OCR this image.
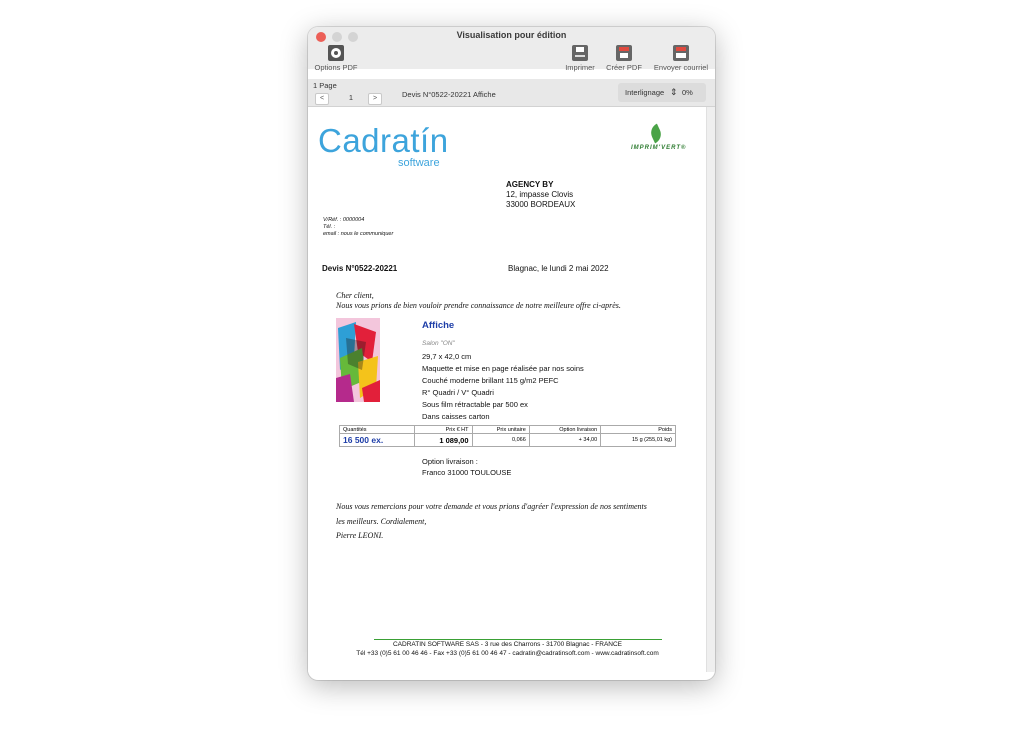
Visualisation pour édition
Options PDF	Imprimer	Créer PDF	Envoyer courriel
1 Page
<	1	>	Devis N°0522-20221 Affiche	Interlignage ⇕ 0%
Cadratín
software
IMPRIM'VERT®
AGENCY BY
12, impasse Clovis
33000 BORDEAUX
V/Réf. : 0000004
Tél. :
email : nous le communiquer
Devis N°0522-20221	Blagnac, le lundi 2 mai 2022
Cher client,
Nous vous prions de bien vouloir prendre connaissance de notre meilleure offre ci-après.
Affiche
Salon "ON"
29,7 x 42,0 cm
Maquette et mise en page réalisée par nos soins
Couché moderne brillant 115 g/m2 PEFC
R° Quadri / V° Quadri
Sous film rétractable par 500 ex
Dans caisses carton
Quantités	Prix € HT	Prix unitaire	Option livraison	Poids
16 500 ex.	1 089,00	0,066	+ 34,00	15 g (255,01 kg)
Option livraison :
Franco 31000 TOULOUSE
Nous vous remercions pour votre demande et vous prions d'agréer l'expression de nos sentiments
les meilleurs. Cordialement,
Pierre LEONI.
CADRATIN SOFTWARE SAS - 3 rue des Charrons - 31700 Blagnac - FRANCE
Tél +33 (0)5 61 00 46 46 - Fax +33 (0)5 61 00 46 47 - cadratin@cadratinsoft.com - www.cadratinsoft.com
